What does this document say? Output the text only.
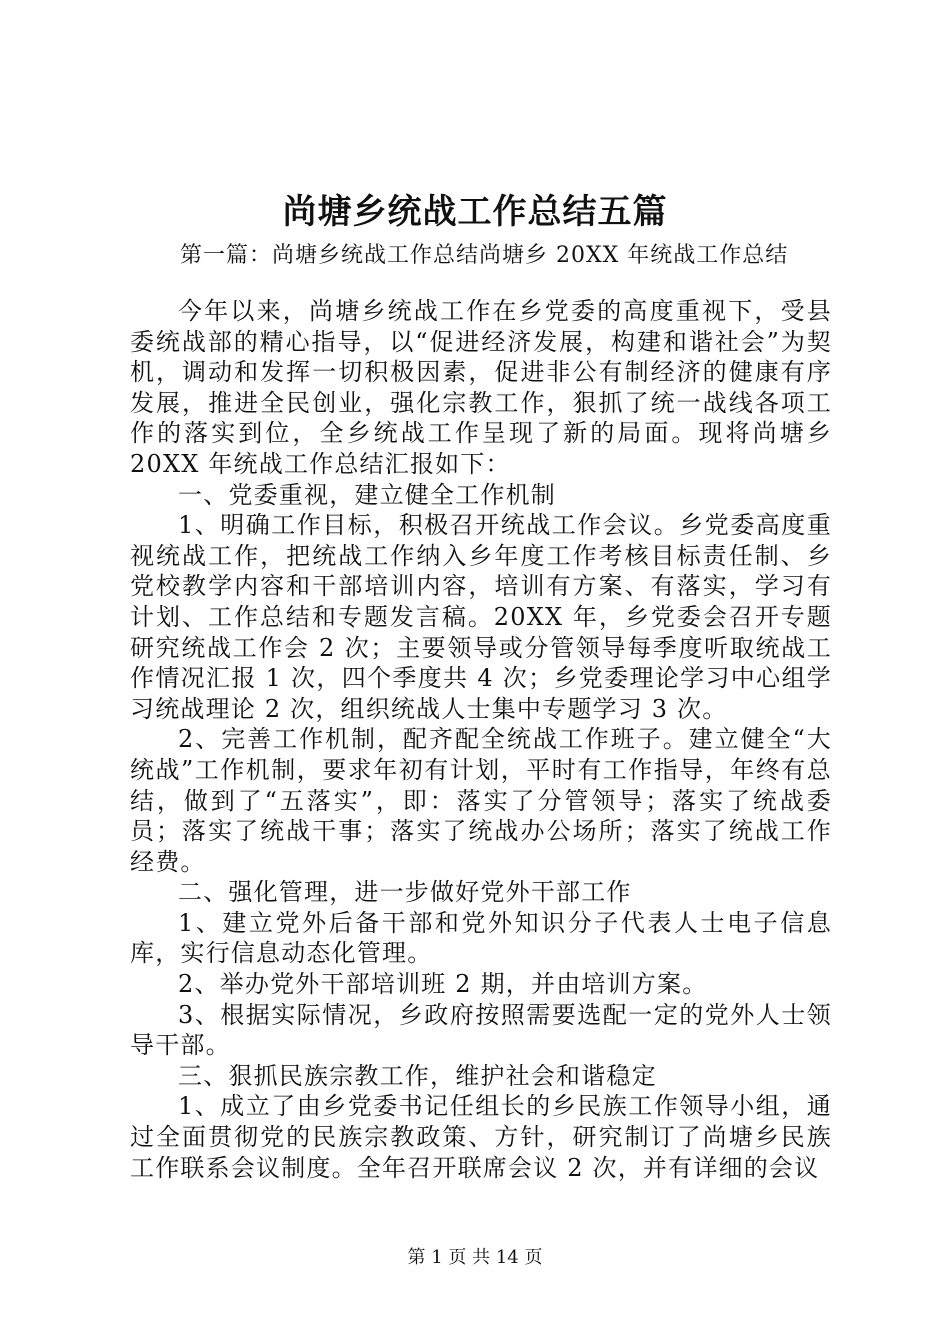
尚塘乡统战工作总结五篇
第一篇：尚塘乡统战工作总结尚塘乡 20XX 年统战工作总结

今年以来，尚塘乡统战工作在乡党委的高度重视下，受县委统战部的精心指导，以“促进经济发展，构建和谐社会”为契机，调动和发挥一切积极因素，促进非公有制经济的健康有序发展，推进全民创业，强化宗教工作，狠抓了统一战线各项工作的落实到位，全乡统战工作呈现了新的局面。现将尚塘乡 20XX 年统战工作总结汇报如下：

一、党委重视，建立健全工作机制

1、明确工作目标，积极召开统战工作会议。乡党委高度重视统战工作，把统战工作纳入乡年度工作考核目标责任制、乡党校教学内容和干部培训内容，培训有方案、有落实，学习有计划、工作总结和专题发言稿。20XX 年，乡党委会召开专题研究统战工作会 2 次；主要领导或分管领导每季度听取统战工作情况汇报 1 次，四个季度共 4 次；乡党委理论学习中心组学习统战理论 2 次，组织统战人士集中专题学习 3 次。

2、完善工作机制，配齐配全统战工作班子。建立健全“大统战”工作机制，要求年初有计划，平时有工作指导，年终有总结，做到了“五落实”，即：落实了分管领导；落实了统战委员；落实了统战干事；落实了统战办公场所；落实了统战工作经费。

二、强化管理，进一步做好党外干部工作

1、建立党外后备干部和党外知识分子代表人士电子信息库，实行信息动态化管理。

2、举办党外干部培训班 2 期，并由培训方案。

3、根据实际情况，乡政府按照需要选配一定的党外人士领导干部。

三、狠抓民族宗教工作，维护社会和谐稳定

1、成立了由乡党委书记任组长的乡民族工作领导小组，通过全面贯彻党的民族宗教政策、方针，研究制订了尚塘乡民族工作联系会议制度。全年召开联席会议 2 次，并有详细的会议

第 1 页 共 14 页
